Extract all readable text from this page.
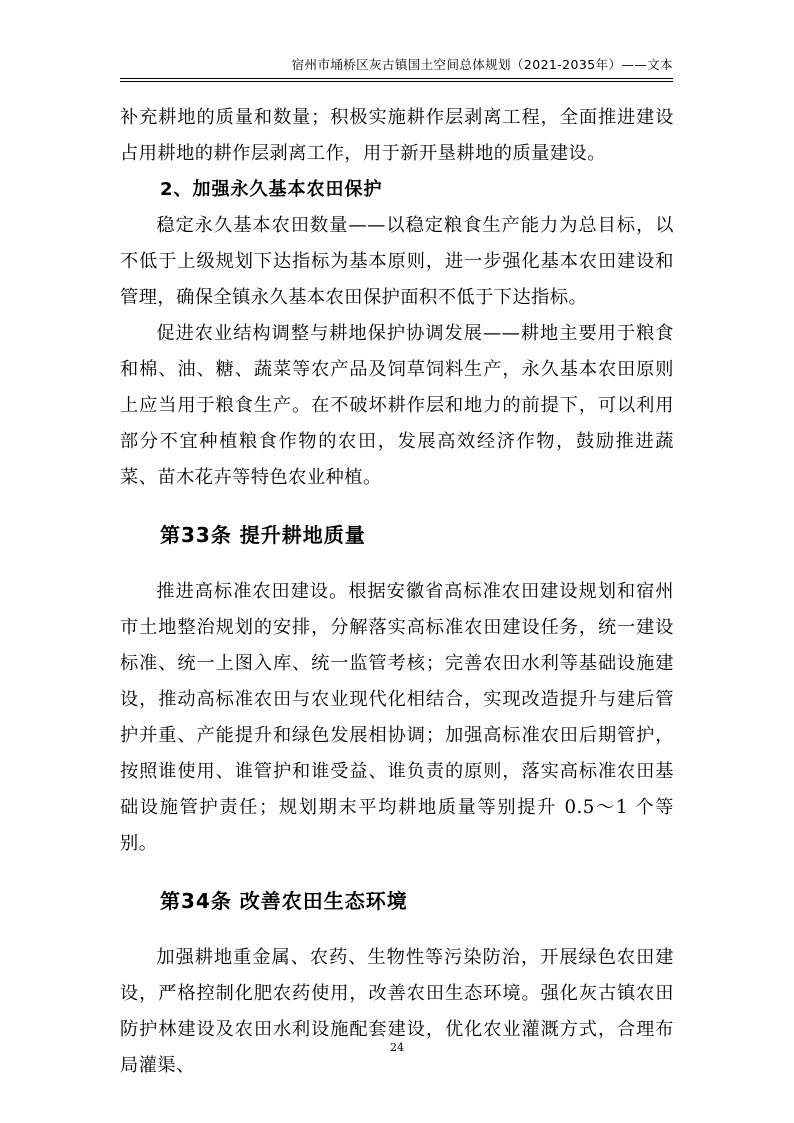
宿州市埇桥区灰古镇国土空间总体规划（2021-2035年）——文本

补充耕地的质量和数量；积极实施耕作层剥离工程，全面推进建设占用耕地的耕作层剥离工作，用于新开垦耕地的质量建设。

2、加强永久基本农田保护

稳定永久基本农田数量——以稳定粮食生产能力为总目标，以不低于上级规划下达指标为基本原则，进一步强化基本农田建设和管理，确保全镇永久基本农田保护面积不低于下达指标。

促进农业结构调整与耕地保护协调发展——耕地主要用于粮食和棉、油、糖、蔬菜等农产品及饲草饲料生产，永久基本农田原则上应当用于粮食生产。在不破坏耕作层和地力的前提下，可以利用部分不宜种植粮食作物的农田，发展高效经济作物，鼓励推进蔬菜、苗木花卉等特色农业种植。

第33条 提升耕地质量

推进高标准农田建设。根据安徽省高标准农田建设规划和宿州市土地整治规划的安排，分解落实高标准农田建设任务，统一建设标准、统一上图入库、统一监管考核；完善农田水利等基础设施建设，推动高标准农田与农业现代化相结合，实现改造提升与建后管护并重、产能提升和绿色发展相协调；加强高标准农田后期管护，按照谁使用、谁管护和谁受益、谁负责的原则，落实高标准农田基础设施管护责任；规划期末平均耕地质量等别提升 0.5～1 个等别。

第34条 改善农田生态环境

加强耕地重金属、农药、生物性等污染防治，开展绿色农田建设，严格控制化肥农药使用，改善农田生态环境。强化灰古镇农田防护林建设及农田水利设施配套建设，优化农业灌溉方式，合理布局灌渠、

24
